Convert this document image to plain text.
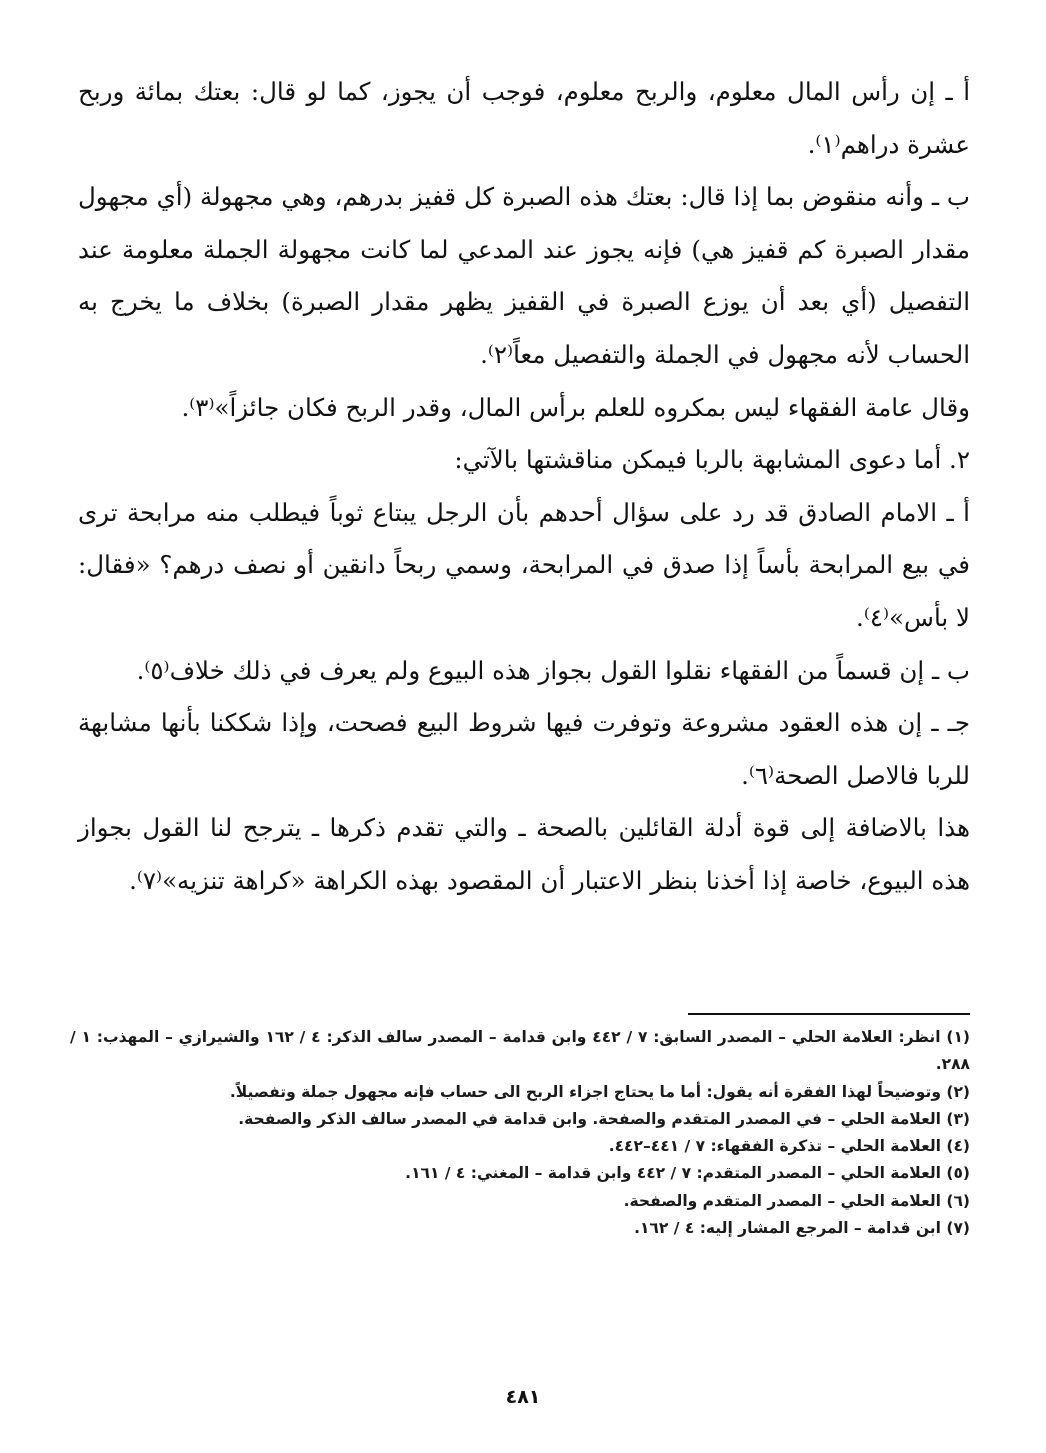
أ ـ إن رأس المال معلوم، والربح معلوم، فوجب أن يجوز، كما لو قال: بعتك بمائة وربح عشرة دراهم⁽١⁾.

ب ـ وأنه منقوض بما إذا قال: بعتك هذه الصبرة كل قفيز بدرهم، وهي مجهولة (أي مجهول مقدار الصبرة كم قفيز هي) فإنه يجوز عند المدعي لما كانت مجهولة الجملة معلومة عند التفصيل (أي بعد أن يوزع الصبرة في القفيز يظهر مقدار الصبرة) بخلاف ما يخرج به الحساب لأنه مجهول في الجملة والتفصيل معاً⁽٢⁾.

وقال عامة الفقهاء ليس بمكروه للعلم برأس المال، وقدر الربح فكان جائزاً»⁽٣⁾.

٢. أما دعوى المشابهة بالربا فيمكن مناقشتها بالآتي:

أ ـ الامام الصادق قد رد على سؤال أحدهم بأن الرجل يبتاع ثوباً فيطلب منه مرابحة ترى في بيع المرابحة بأساً إذا صدق في المرابحة، وسمي ربحاً دانقين أو نصف درهم؟ «فقال: لا بأس»⁽٤⁾.

ب ـ إن قسماً من الفقهاء نقلوا القول بجواز هذه البيوع ولم يعرف في ذلك خلاف⁽٥⁾.

جـ ـ إن هذه العقود مشروعة وتوفرت فيها شروط البيع فصحت، وإذا شككنا بأنها مشابهة للربا فالاصل الصحة⁽٦⁾.

هذا بالاضافة إلى قوة أدلة القائلين بالصحة ـ والتي تقدم ذكرها ـ يترجح لنا القول بجواز هذه البيوع، خاصة إذا أخذنا بنظر الاعتبار أن المقصود بهذه الكراهة «كراهة تنزيه»⁽٧⁾.

(١) انظر: العلامة الحلي – المصدر السابق: ٧ / ٤٤٢ وابن قدامة – المصدر سالف الذكر: ٤ / ١٦٢ والشيرازي – المهذب: ١ / ٢٨٨.

(٢) وتوضيحاً لهذا الفقرة أنه يقول: أما ما يحتاج اجزاء الربح الى حساب فإنه مجهول جملة وتفصيلاً.

(٣) العلامة الحلي – في المصدر المتقدم والصفحة. وابن قدامة في المصدر سالف الذكر والصفحة.

(٤) العلامة الحلي – تذكرة الفقهاء: ٧ / ٤٤١–٤٤٢.

(٥) العلامة الحلي – المصدر المتقدم: ٧ / ٤٤٢ وابن قدامة – المغني: ٤ / ١٦١.

(٦) العلامة الحلي – المصدر المتقدم والصفحة.

(٧) ابن قدامة – المرجع المشار إليه: ٤ / ١٦٢.

٤٨١
